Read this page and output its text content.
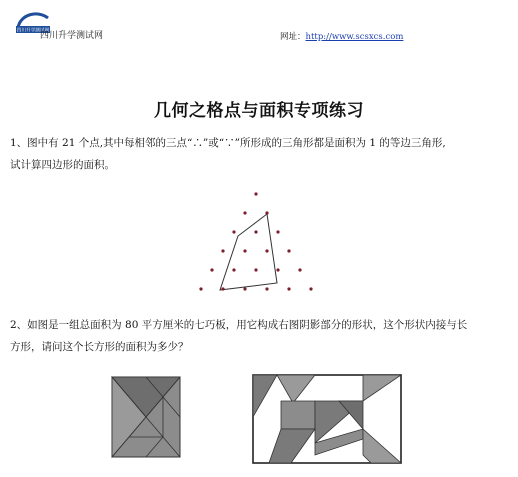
四川升学测试网
四川升学测试网	网址：http://www.scsxcs.com
几何之格点与面积专项练习
1、图中有 21 个点,其中每相邻的三点“∴”或“∵”所形成的三角形都是面积为 1 的等边三角形,
试计算四边形的面积。
2、如图是一组总面积为 80 平方厘米的七巧板，用它构成右图阴影部分的形状，这个形状内接与长
方形，请问这个长方形的面积为多少？
